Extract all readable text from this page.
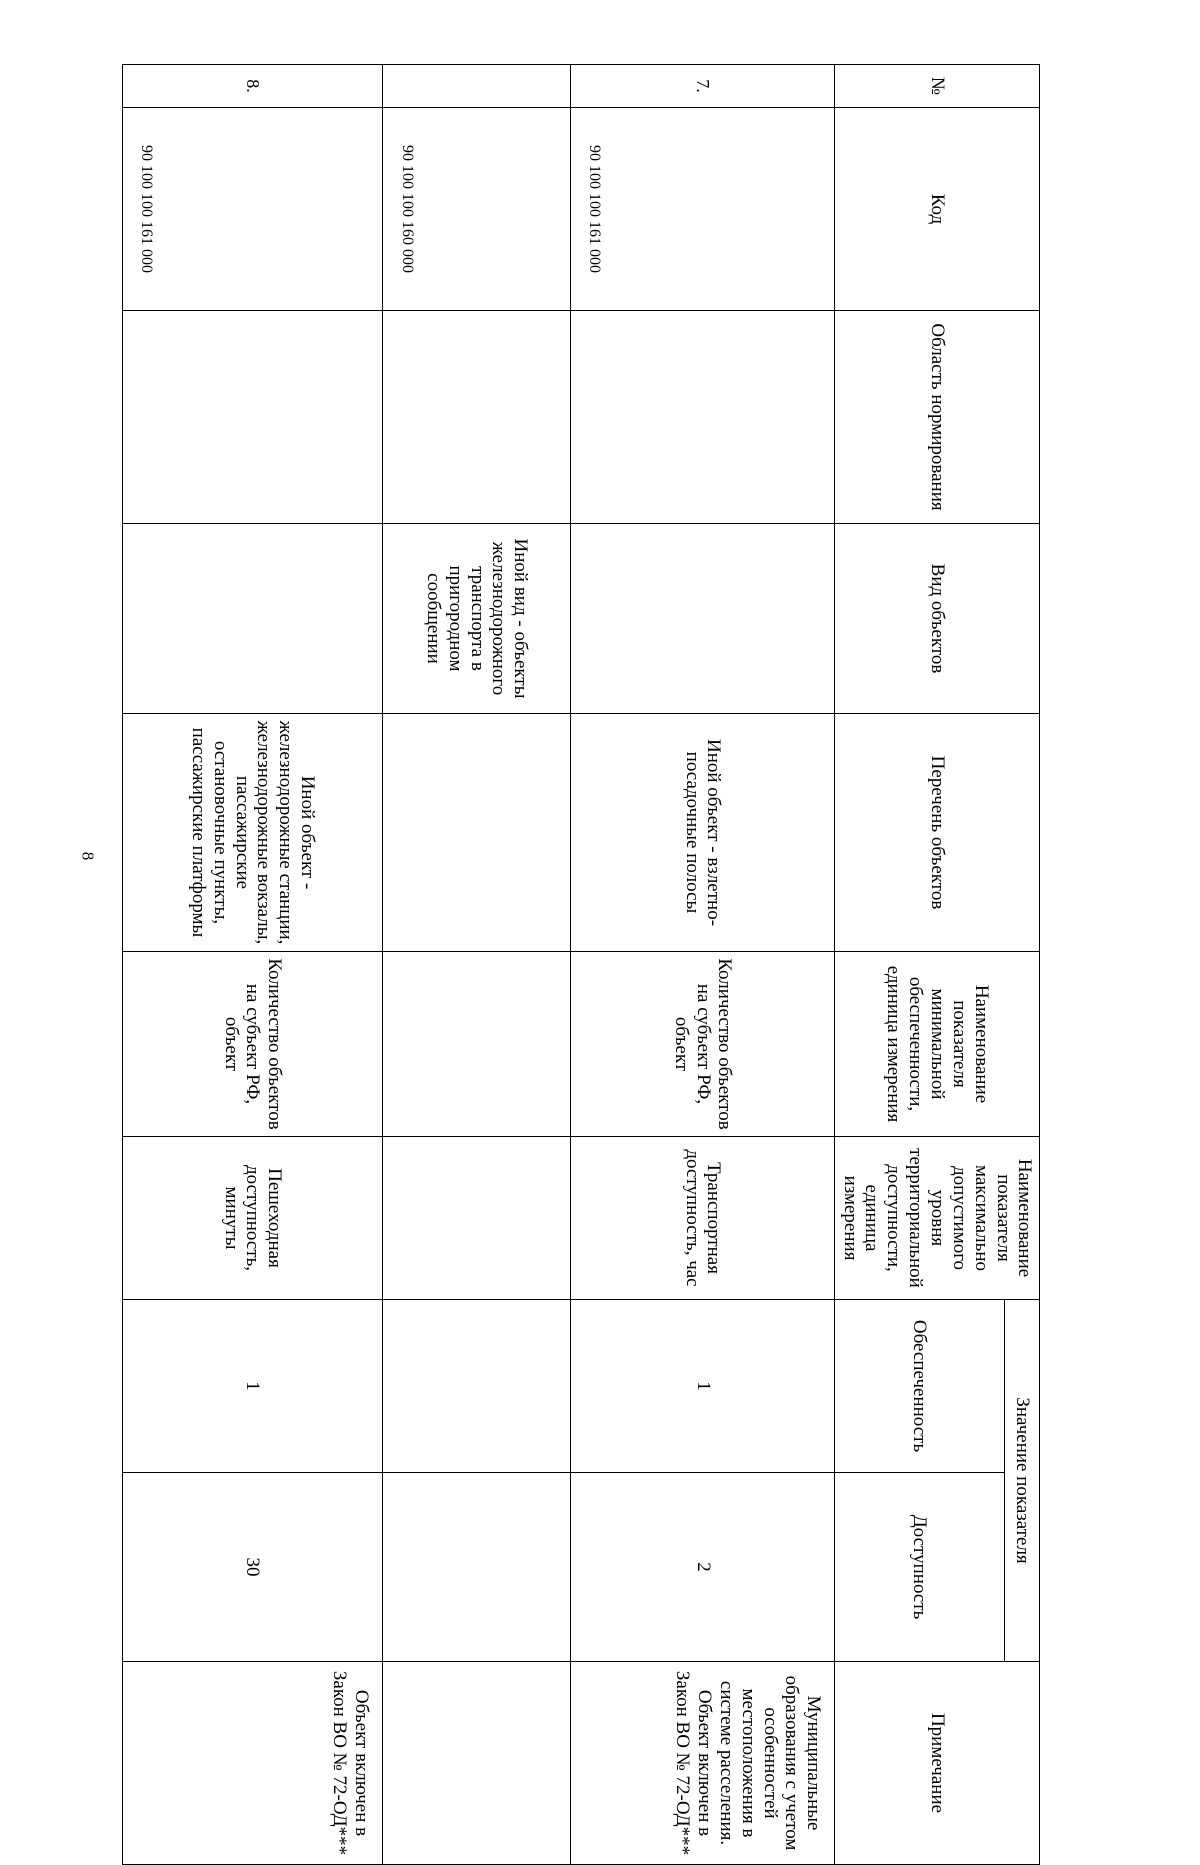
8
№	Код	Область нормирования	Вид объектов	Перечень объектов	Наименование показателя минимальной обеспеченности, единица измерения	Наименование показателя максимально допустимого уровня территориальной доступности, единица измерения	Значение показателя		Примечание
							Обеспеченность	Доступность	
7.	90 100 100 161 000			Иной объект - взлетно-посадочные полосы	Количество объектов на субъект РФ, объект	Транспортная доступность, час	1	2	Муниципальные образования с учетом особенностей местоположения в системе расселения. Объект включен в Закон ВО № 72-ОД***
	90 100 100 160 000		Иной вид - объекты железнодорожного транспорта в пригородном сообщении						
8.	90 100 100 161 000			Иной объект - железнодорожные станции, железнодорожные вокзалы, пассажирские остановочные пункты, пассажирские платформы	Количество объектов на субъект РФ, объект	Пешеходная доступность, минуты	1	30	Объект включен в Закон ВО № 72-ОД***
